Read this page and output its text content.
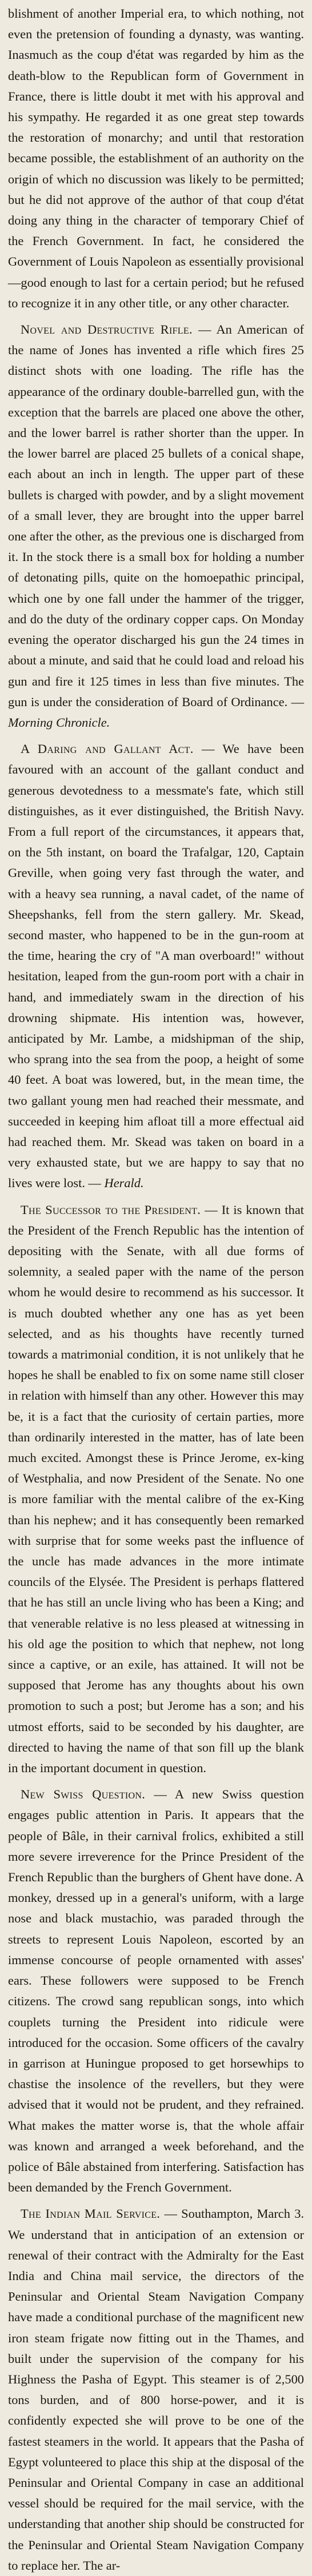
blishment of another Imperial era, to which nothing, not even the pretension of founding a dynasty, was wanting. Inasmuch as the coup d'état was regarded by him as the death-blow to the Republican form of Government in France, there is little doubt it met with his approval and his sympathy. He regarded it as one great step towards the restoration of monarchy; and until that restoration became possible, the establishment of an authority on the origin of which no discussion was likely to be permitted; but he did not approve of the author of that coup d'état doing any thing in the character of temporary Chief of the French Government. In fact, he considered the Government of Louis Napoleon as essentially provisional—good enough to last for a certain period; but he refused to recognize it in any other title, or any other character.

Novel and Destructive Rifle. — An American of the name of Jones has invented a rifle which fires 25 distinct shots with one loading. The rifle has the appearance of the ordinary double-barrelled gun, with the exception that the barrels are placed one above the other, and the lower barrel is rather shorter than the upper. In the lower barrel are placed 25 bullets of a conical shape, each about an inch in length. The upper part of these bullets is charged with powder, and by a slight movement of a small lever, they are brought into the upper barrel one after the other, as the previous one is discharged from it. In the stock there is a small box for holding a number of detonating pills, quite on the homoepathic principal, which one by one fall under the hammer of the trigger, and do the duty of the ordinary copper caps. On Monday evening the operator discharged his gun the 24 times in about a minute, and said that he could load and reload his gun and fire it 125 times in less than five minutes. The gun is under the consideration of Board of Ordinance. — Morning Chronicle.

A Daring and Gallant Act. — We have been favoured with an account of the gallant conduct and generous devotedness to a messmate's fate, which still distinguishes, as it ever distinguished, the British Navy. From a full report of the circumstances, it appears that, on the 5th instant, on board the Trafalgar, 120, Captain Greville, when going very fast through the water, and with a heavy sea running, a naval cadet, of the name of Sheepshanks, fell from the stern gallery. Mr. Skead, second master, who happened to be in the gun-room at the time, hearing the cry of "A man overboard!" without hesitation, leaped from the gun-room port with a chair in hand, and immediately swam in the direction of his drowning shipmate. His intention was, however, anticipated by Mr. Lambe, a midshipman of the ship, who sprang into the sea from the poop, a height of some 40 feet. A boat was lowered, but, in the mean time, the two gallant young men had reached their messmate, and succeeded in keeping him afloat till a more effectual aid had reached them. Mr. Skead was taken on board in a very exhausted state, but we are happy to say that no lives were lost. — Herald.

The Successor to the President. — It is known that the President of the French Republic has the intention of depositing with the Senate, with all due forms of solemnity, a sealed paper with the name of the person whom he would desire to recommend as his successor. It is much doubted whether any one has as yet been selected, and as his thoughts have recently turned towards a matrimonial condition, it is not unlikely that he hopes he shall be enabled to fix on some name still closer in relation with himself than any other. However this may be, it is a fact that the curiosity of certain parties, more than ordinarily interested in the matter, has of late been much excited. Amongst these is Prince Jerome, ex-king of Westphalia, and now President of the Senate. No one is more familiar with the mental calibre of the ex-King than his nephew; and it has consequently been remarked with surprise that for some weeks past the influence of the uncle has made advances in the more intimate councils of the Elysée. The President is perhaps flattered that he has still an uncle living who has been a King; and that venerable relative is no less pleased at witnessing in his old age the position to which that nephew, not long since a captive, or an exile, has attained. It will not be supposed that Jerome has any thoughts about his own promotion to such a post; but Jerome has a son; and his utmost efforts, said to be seconded by his daughter, are directed to having the name of that son fill up the blank in the important document in question.

New Swiss Question. — A new Swiss question engages public attention in Paris. It appears that the people of Bâle, in their carnival frolics, exhibited a still more severe irreverence for the Prince President of the French Republic than the burghers of Ghent have done. A monkey, dressed up in a general's uniform, with a large nose and black mustachio, was paraded through the streets to represent Louis Napoleon, escorted by an immense concourse of people ornamented with asses' ears. These followers were supposed to be French citizens. The crowd sang republican songs, into which couplets turning the President into ridicule were introduced for the occasion. Some officers of the cavalry in garrison at Huningue proposed to get horsewhips to chastise the insolence of the revellers, but they were advised that it would not be prudent, and they refrained. What makes the matter worse is, that the whole affair was known and arranged a week beforehand, and the police of Bâle abstained from interfering. Satisfaction has been demanded by the French Government.

The Indian Mail Service. — Southampton, March 3. We understand that in anticipation of an extension or renewal of their contract with the Admiralty for the East India and China mail service, the directors of the Peninsular and Oriental Steam Navigation Company have made a conditional purchase of the magnificent new iron steam frigate now fitting out in the Thames, and built under the supervision of the company for his Highness the Pasha of Egypt. This steamer is of 2,500 tons burden, and of 800 horse-power, and it is confidently expected she will prove to be one of the fastest steamers in the world. It appears that the Pasha of Egypt volunteered to place this ship at the disposal of the Peninsular and Oriental Company in case an additional vessel should be required for the mail service, with the understanding that another ship should be constructed for the Peninsular and Oriental Steam Navigation Company to replace her. The ar-
